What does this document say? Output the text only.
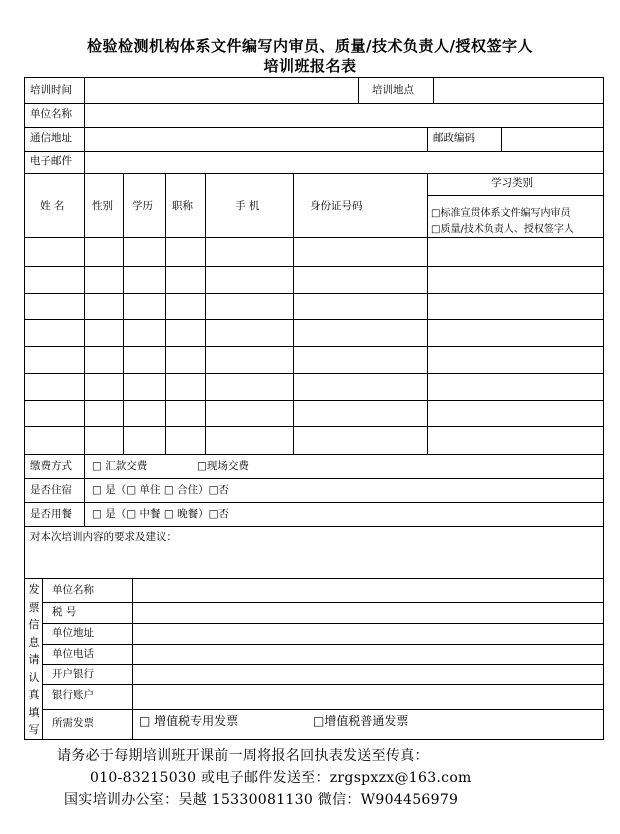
检验检测机构体系文件编写内审员、质量/技术负责人/授权签字人
培训班报名表
培训时间	培训地点
单位名称
通信地址	邮政编码
电子邮件
姓 名	性别 学历 职称	手 机	身份证号码
学习类别
□标准宣贯体系文件编写内审员
□质量/技术负责人、授权签字人
缴费方式 □ 汇款交费	□现场交费
是否住宿 □ 是（□ 单住 □ 合住）□否
是否用餐 □ 是（□ 中餐 □ 晚餐）□否
对本次培训内容的要求及建议：
发
票
信
息
请
认
真
填
写
单位名称
税 号
单位地址
单位电话
开户银行
银行账户
所需发票	□ 增值税专用发票	□增值税普通发票
请务必于每期培训班开课前一周将报名回执表发送至传真：
010-83215030 或电子邮件发送至：zrgspxzx@163.com
国实培训办公室：吴越 15330081130 微信：W904456979
